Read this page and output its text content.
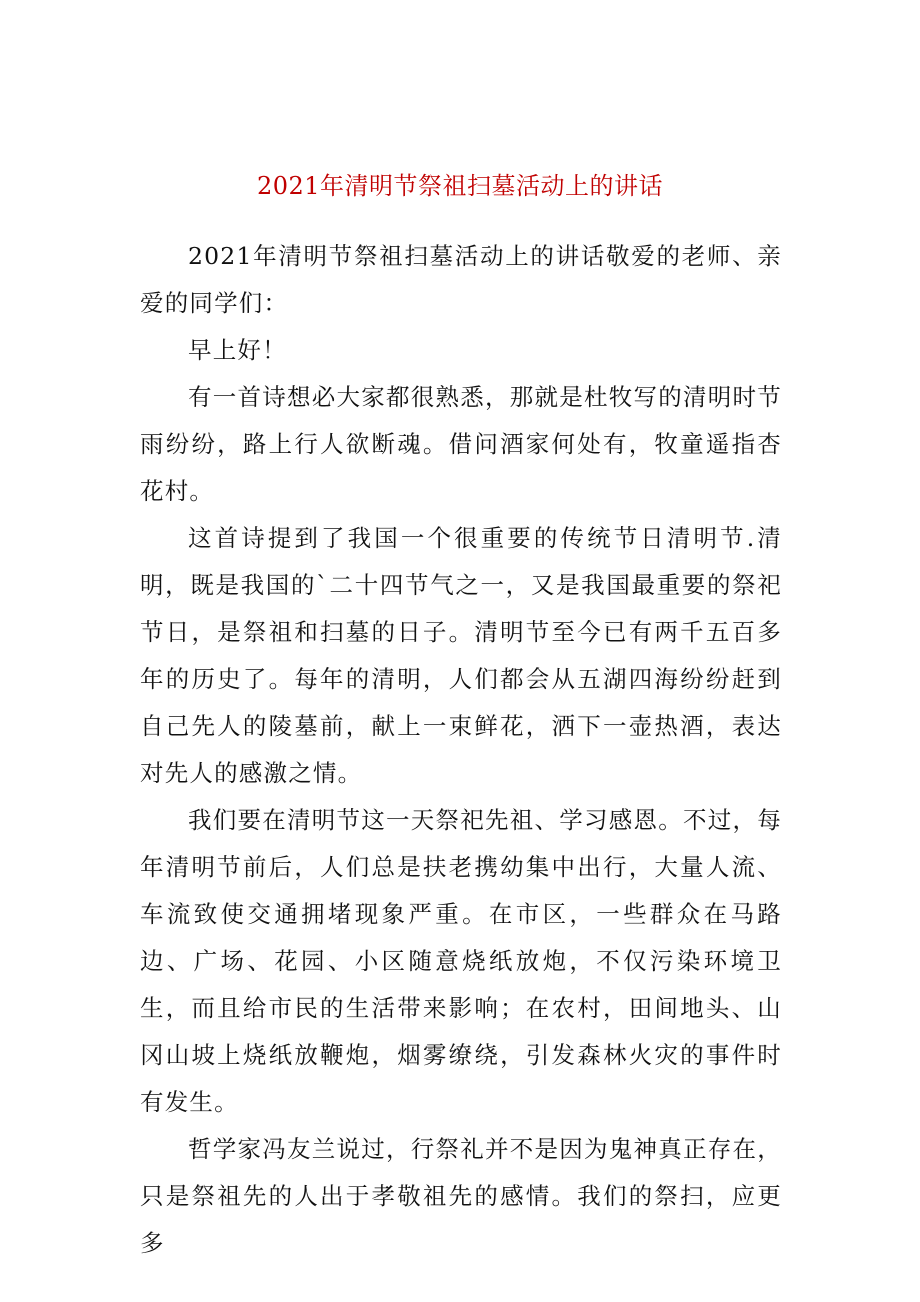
2021年清明节祭祖扫墓活动上的讲话

2021年清明节祭祖扫墓活动上的讲话敬爱的老师、亲爱的同学们：

早上好！

有一首诗想必大家都很熟悉，那就是杜牧写的清明时节雨纷纷，路上行人欲断魂。借问酒家何处有，牧童遥指杏花村。

这首诗提到了我国一个很重要的传统节日清明节.清明，既是我国的`二十四节气之一，又是我国最重要的祭祀节日，是祭祖和扫墓的日子。清明节至今已有两千五百多年的历史了。每年的清明，人们都会从五湖四海纷纷赶到自己先人的陵墓前，献上一束鲜花，洒下一壶热酒，表达对先人的感激之情。

我们要在清明节这一天祭祀先祖、学习感恩。不过，每年清明节前后，人们总是扶老携幼集中出行，大量人流、车流致使交通拥堵现象严重。在市区，一些群众在马路边、广场、花园、小区随意烧纸放炮，不仅污染环境卫生，而且给市民的生活带来影响；在农村，田间地头、山冈山坡上烧纸放鞭炮，烟雾缭绕，引发森林火灾的事件时有发生。

哲学家冯友兰说过，行祭礼并不是因为鬼神真正存在，只是祭祖先的人出于孝敬祖先的感情。我们的祭扫，应更多
